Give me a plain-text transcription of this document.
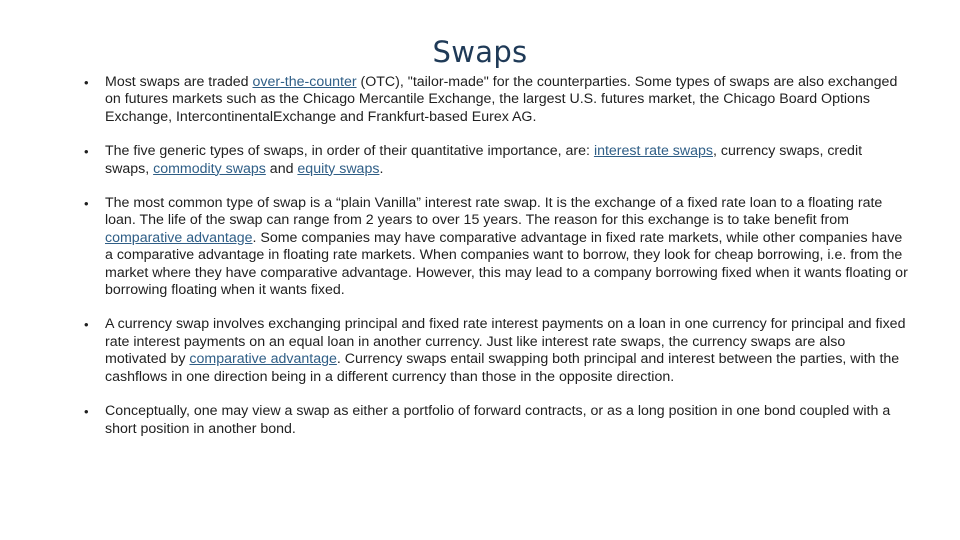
Swaps
• Most swaps are traded over-the-counter (OTC), "tailor-made" for the counterparties. Some types of swaps are also exchanged on futures markets such as the Chicago Mercantile Exchange, the largest U.S. futures market, the Chicago Board Options Exchange, IntercontinentalExchange and Frankfurt-based Eurex AG.
• The five generic types of swaps, in order of their quantitative importance, are: interest rate swaps, currency swaps, credit swaps, commodity swaps and equity swaps.
• The most common type of swap is a “plain Vanilla” interest rate swap. It is the exchange of a fixed rate loan to a floating rate loan. The life of the swap can range from 2 years to over 15 years. The reason for this exchange is to take benefit from comparative advantage. Some companies may have comparative advantage in fixed rate markets, while other companies have a comparative advantage in floating rate markets. When companies want to borrow, they look for cheap borrowing, i.e. from the market where they have comparative advantage. However, this may lead to a company borrowing fixed when it wants floating or borrowing floating when it wants fixed.
• A currency swap involves exchanging principal and fixed rate interest payments on a loan in one currency for principal and fixed rate interest payments on an equal loan in another currency. Just like interest rate swaps, the currency swaps are also motivated by comparative advantage. Currency swaps entail swapping both principal and interest between the parties, with the cashflows in one direction being in a different currency than those in the opposite direction.
• Conceptually, one may view a swap as either a portfolio of forward contracts, or as a long position in one bond coupled with a short position in another bond.
